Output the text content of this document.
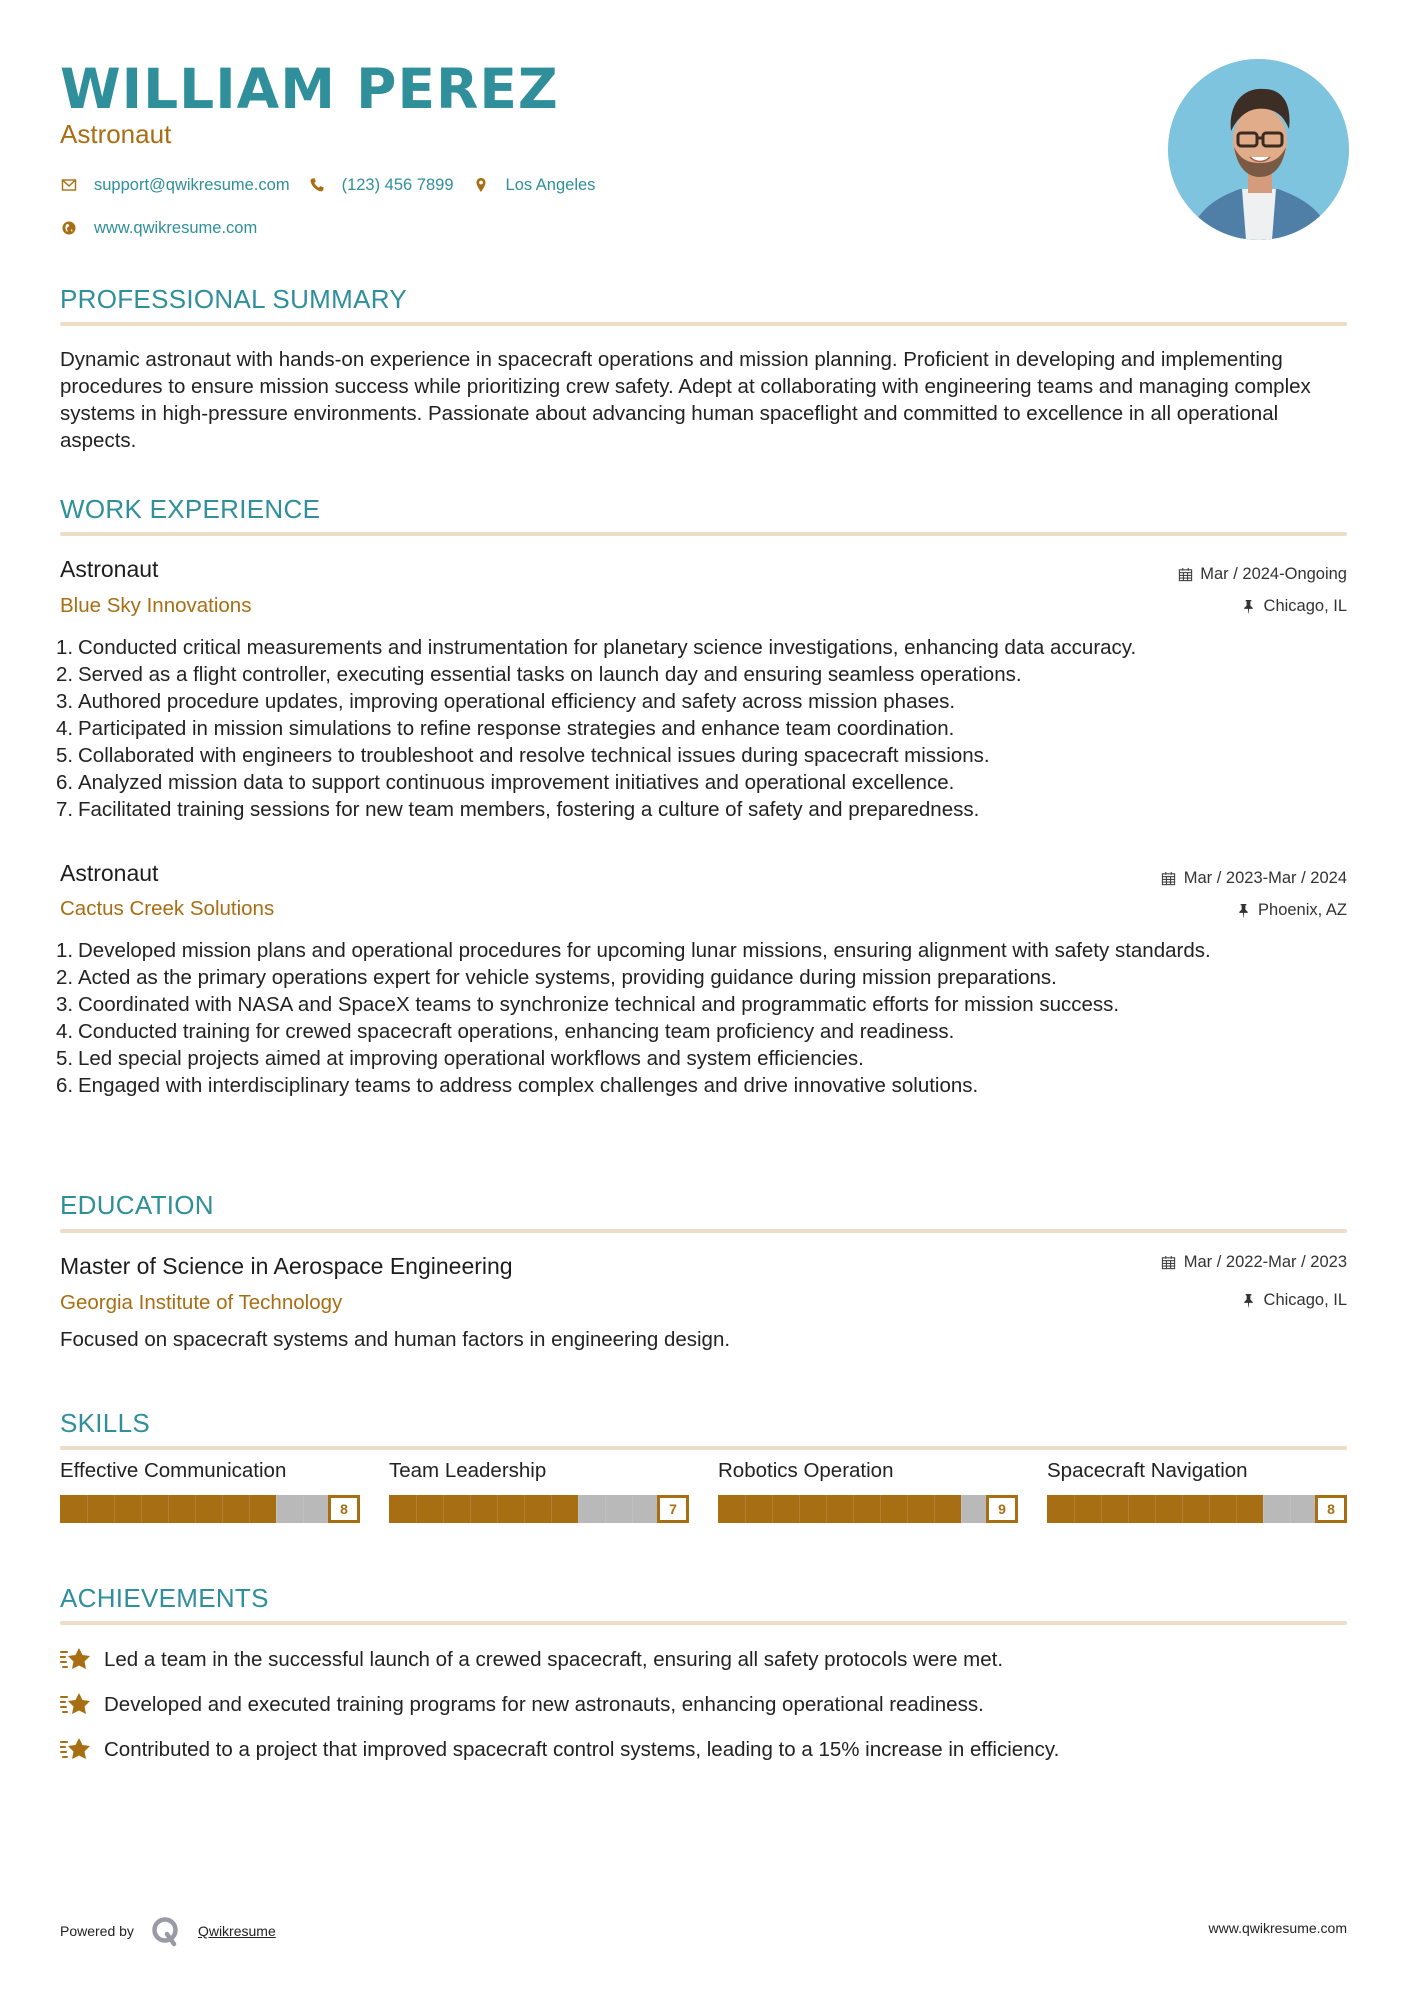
WILLIAM PEREZ
Astronaut
support@qwikresume.com	(123) 456 7899	Los Angeles
www.qwikresume.com
PROFESSIONAL SUMMARY
Dynamic astronaut with hands-on experience in spacecraft operations and mission planning. Proficient in developing and implementing procedures to ensure mission success while prioritizing crew safety. Adept at collaborating with engineering teams and managing complex systems in high-pressure environments. Passionate about advancing human spaceflight and committed to excellence in all operational aspects.
WORK EXPERIENCE
Astronaut	Mar / 2024-Ongoing
Blue Sky Innovations	Chicago, IL
1. Conducted critical measurements and instrumentation for planetary science investigations, enhancing data accuracy.
2. Served as a flight controller, executing essential tasks on launch day and ensuring seamless operations.
3. Authored procedure updates, improving operational efficiency and safety across mission phases.
4. Participated in mission simulations to refine response strategies and enhance team coordination.
5. Collaborated with engineers to troubleshoot and resolve technical issues during spacecraft missions.
6. Analyzed mission data to support continuous improvement initiatives and operational excellence.
7. Facilitated training sessions for new team members, fostering a culture of safety and preparedness.
Astronaut	Mar / 2023-Mar / 2024
Cactus Creek Solutions	Phoenix, AZ
1. Developed mission plans and operational procedures for upcoming lunar missions, ensuring alignment with safety standards.
2. Acted as the primary operations expert for vehicle systems, providing guidance during mission preparations.
3. Coordinated with NASA and SpaceX teams to synchronize technical and programmatic efforts for mission success.
4. Conducted training for crewed spacecraft operations, enhancing team proficiency and readiness.
5. Led special projects aimed at improving operational workflows and system efficiencies.
6. Engaged with interdisciplinary teams to address complex challenges and drive innovative solutions.
EDUCATION
Master of Science in Aerospace Engineering	Mar / 2022-Mar / 2023
Georgia Institute of Technology	Chicago, IL
Focused on spacecraft systems and human factors in engineering design.
SKILLS
Effective Communication
8
Team Leadership
7
Robotics Operation
9
Spacecraft Navigation
8
ACHIEVEMENTS
Led a team in the successful launch of a crewed spacecraft, ensuring all safety protocols were met.
Developed and executed training programs for new astronauts, enhancing operational readiness.
Contributed to a project that improved spacecraft control systems, leading to a 15% increase in efficiency.
Powered by	Qwikresume	www.qwikresume.com
